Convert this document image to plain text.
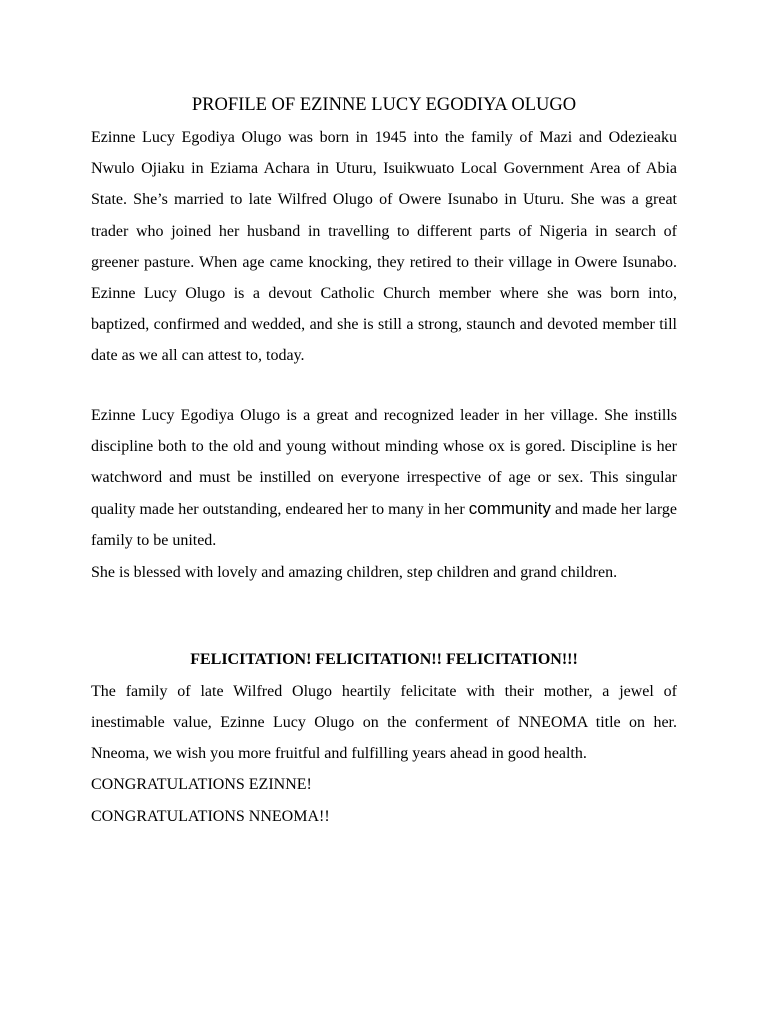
PROFILE OF EZINNE LUCY EGODIYA OLUGO

Ezinne Lucy Egodiya Olugo was born in 1945 into the family of Mazi and Odezieaku Nwulo Ojiaku in Eziama Achara in Uturu, Isuikwuato Local Government Area of Abia State. She’s married to late Wilfred Olugo of Owere Isunabo in Uturu. She was a great trader who joined her husband in travelling to different parts of Nigeria in search of greener pasture. When age came knocking, they retired to their village in Owere Isunabo. Ezinne Lucy Olugo is a devout Catholic Church member where she was born into, baptized, confirmed and wedded, and she is still a strong, staunch and devoted member till date as we all can attest to, today.

Ezinne Lucy Egodiya Olugo is a great and recognized leader in her village. She instills discipline both to the old and young without minding whose ox is gored. Discipline is her watchword and must be instilled on everyone irrespective of age or sex. This singular quality made her outstanding, endeared her to many in her community and made her large family to be united.

She is blessed with lovely and amazing children, step children and grand children.

FELICITATION! FELICITATION!! FELICITATION!!!

The family of late Wilfred Olugo heartily felicitate with their mother, a jewel of inestimable value, Ezinne Lucy Olugo on the conferment of NNEOMA title on her. Nneoma, we wish you more fruitful and fulfilling years ahead in good health.

CONGRATULATIONS EZINNE!

CONGRATULATIONS NNEOMA!!
